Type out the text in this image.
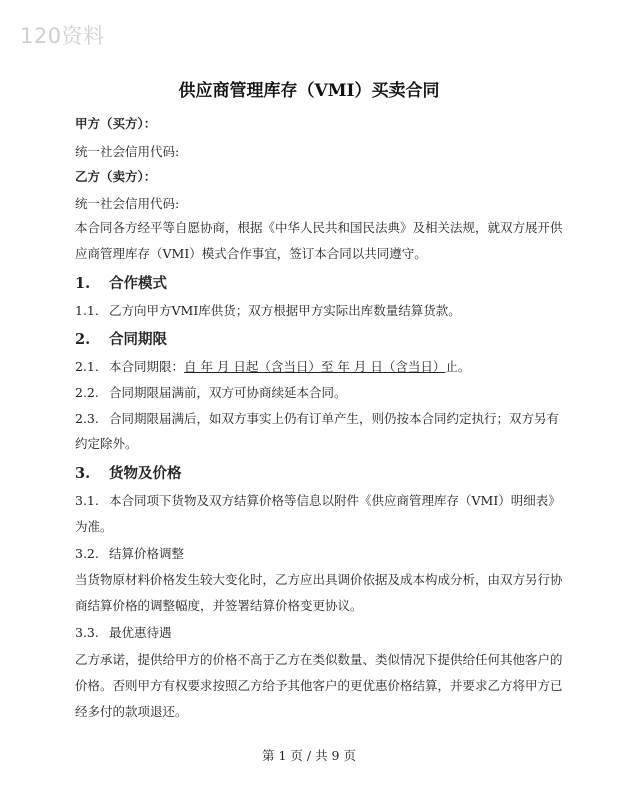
120资料
供应商管理库存（VMI）买卖合同
甲方（买方）：
统一社会信用代码:
乙方（卖方）：
统一社会信用代码:
本合同各方经平等自愿协商，根据《中华人民共和国民法典》及相关法规，就双方展开供
应商管理库存（VMI）模式合作事宜，签订本合同以共同遵守。
1. 合作模式
1.1. 乙方向甲方VMI库供货；双方根据甲方实际出库数量结算货款。
2. 合同期限
2.1. 本合同期限：自 年 月 日起（含当日）至 年 月 日（含当日）止。
2.2. 合同期限届满前，双方可协商续延本合同。
2.3. 合同期限届满后，如双方事实上仍有订单产生，则仍按本合同约定执行；双方另有
约定除外。
3. 货物及价格
3.1. 本合同项下货物及双方结算价格等信息以附件《供应商管理库存（VMI）明细表》
为准。
3.2. 结算价格调整
当货物原材料价格发生较大变化时，乙方应出具调价依据及成本构成分析，由双方另行协
商结算价格的调整幅度，并签署结算价格变更协议。
3.3. 最优惠待遇
乙方承诺，提供给甲方的价格不高于乙方在类似数量、类似情况下提供给任何其他客户的
价格。否则甲方有权要求按照乙方给予其他客户的更优惠价格结算，并要求乙方将甲方已
经多付的款项退还。
第 1 页 / 共 9 页
